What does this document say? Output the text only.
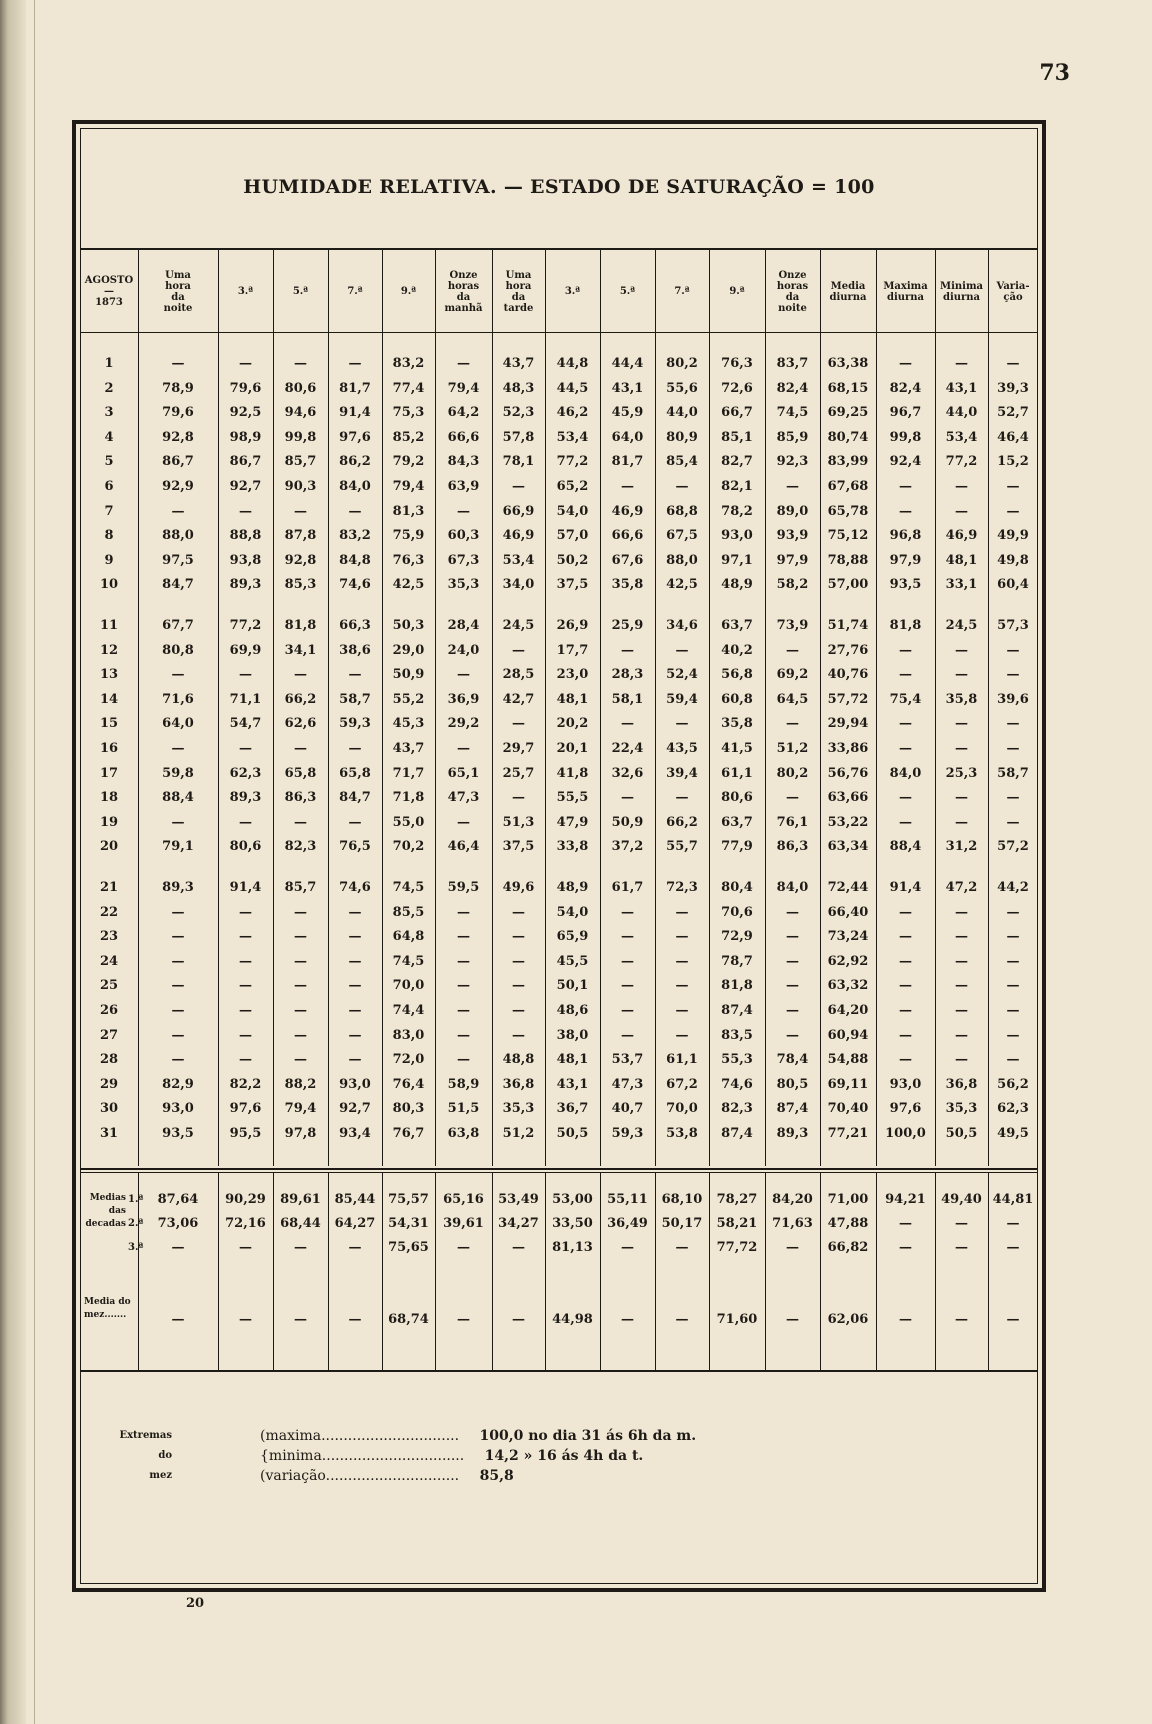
73
HUMIDADE RELATIVA. — ESTADO DE SATURAÇÃO = 100
AGOSTO
—
1873
Uma
hora
da
noite
3.ª	5.ª	7.ª	9.ª
Onze
horas
da
manhã
Uma
hora
da
tarde
3.ª	5.ª	7.ª	9.ª
Onze
horas
da
noite
Media
diurna
Maxima
diurna
Minima
diurna
Varia-
ção
1	—	—	—	—	83,2	—	43,7	44,8	44,4	80,2	76,3	83,7	63,38	—	—	—
2	78,9	79,6	80,6	81,7	77,4	79,4	48,3	44,5	43,1	55,6	72,6	82,4	68,15	82,4	43,1	39,3
3	79,6	92,5	94,6	91,4	75,3	64,2	52,3	46,2	45,9	44,0	66,7	74,5	69,25	96,7	44,0	52,7
4	92,8	98,9	99,8	97,6	85,2	66,6	57,8	53,4	64,0	80,9	85,1	85,9	80,74	99,8	53,4	46,4
5	86,7	86,7	85,7	86,2	79,2	84,3	78,1	77,2	81,7	85,4	82,7	92,3	83,99	92,4	77,2	15,2
6	92,9	92,7	90,3	84,0	79,4	63,9	—	65,2	—	—	82,1	—	67,68	—	—	—
7	—	—	—	—	81,3	—	66,9	54,0	46,9	68,8	78,2	89,0	65,78	—	—	—
8	88,0	88,8	87,8	83,2	75,9	60,3	46,9	57,0	66,6	67,5	93,0	93,9	75,12	96,8	46,9	49,9
9	97,5	93,8	92,8	84,8	76,3	67,3	53,4	50,2	67,6	88,0	97,1	97,9	78,88	97,9	48,1	49,8
10	84,7	89,3	85,3	74,6	42,5	35,3	34,0	37,5	35,8	42,5	48,9	58,2	57,00	93,5	33,1	60,4
11	67,7	77,2	81,8	66,3	50,3	28,4	24,5	26,9	25,9	34,6	63,7	73,9	51,74	81,8	24,5	57,3
12	80,8	69,9	34,1	38,6	29,0	24,0	—	17,7	—	—	40,2	—	27,76	—	—	—
13	—	—	—	—	50,9	—	28,5	23,0	28,3	52,4	56,8	69,2	40,76	—	—	—
14	71,6	71,1	66,2	58,7	55,2	36,9	42,7	48,1	58,1	59,4	60,8	64,5	57,72	75,4	35,8	39,6
15	64,0	54,7	62,6	59,3	45,3	29,2	—	20,2	—	—	35,8	—	29,94	—	—	—
16	—	—	—	—	43,7	—	29,7	20,1	22,4	43,5	41,5	51,2	33,86	—	—	—
17	59,8	62,3	65,8	65,8	71,7	65,1	25,7	41,8	32,6	39,4	61,1	80,2	56,76	84,0	25,3	58,7
18	88,4	89,3	86,3	84,7	71,8	47,3	—	55,5	—	—	80,6	—	63,66	—	—	—
19	—	—	—	—	55,0	—	51,3	47,9	50,9	66,2	63,7	76,1	53,22	—	—	—
20	79,1	80,6	82,3	76,5	70,2	46,4	37,5	33,8	37,2	55,7	77,9	86,3	63,34	88,4	31,2	57,2
21	89,3	91,4	85,7	74,6	74,5	59,5	49,6	48,9	61,7	72,3	80,4	84,0	72,44	91,4	47,2	44,2
22	—	—	—	—	85,5	—	—	54,0	—	—	70,6	—	66,40	—	—	—
23	—	—	—	—	64,8	—	—	65,9	—	—	72,9	—	73,24	—	—	—
24	—	—	—	—	74,5	—	—	45,5	—	—	78,7	—	62,92	—	—	—
25	—	—	—	—	70,0	—	—	50,1	—	—	81,8	—	63,32	—	—	—
26	—	—	—	—	74,4	—	—	48,6	—	—	87,4	—	64,20	—	—	—
27	—	—	—	—	83,0	—	—	38,0	—	—	83,5	—	60,94	—	—	—
28	—	—	—	—	72,0	—	48,8	48,1	53,7	61,1	55,3	78,4	54,88	—	—	—
29	82,9	82,2	88,2	93,0	76,4	58,9	36,8	43,1	47,3	67,2	74,6	80,5	69,11	93,0	36,8	56,2
30	93,0	97,6	79,4	92,7	80,3	51,5	35,3	36,7	40,7	70,0	82,3	87,4	70,40	97,6	35,3	62,3
31	93,5	95,5	97,8	93,4	76,7	63,8	51,2	50,5	59,3	53,8	87,4	89,3	77,21	100,0	50,5	49,5
Medias
das
decadas
1.ª	87,64	90,29	89,61	85,44 75,57	65,16	53,49	53,00	55,11	68,10	78,27	84,20	71,00	94,21	49,40 44,81
2.ª	73,06	72,16	68,44	64,27 54,31	39,61	34,27	33,50	36,49	50,17	58,21	71,63	47,88	—	—	—
3.ª	—	—	—	—	75,65	—	—	81,13	—	—	77,72	—	66,82	—	—	—
Media do
mez.......	—	—	—	—	68,74	—	—	44,98	—	—	71,60	—	62,06	—	—	—
Extremas
do
mez
(maxima............................... 100,0 no dia 31 ás 6h da m.
{minima................................ 14,2 » 16 ás 4h da t.
(variação.............................. 85,8
20
